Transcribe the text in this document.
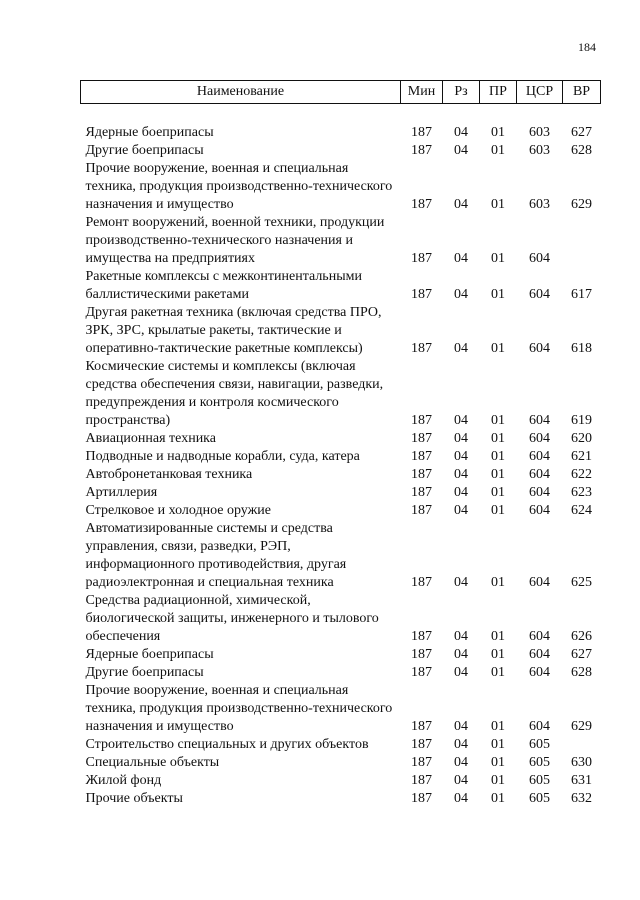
184
Наименование	Мин	Рз	ПР	ЦСР	ВР

Ядерные боеприпасы	187	04	01	603	627
Другие боеприпасы	187	04	01	603	628
Прочие вооружение, военная и специальная техника, продукция производственно-технического назначения и имущество	187	04	01	603	629
Ремонт вооружений, военной техники, продукции производственно-технического назначения и имущества на предприятиях	187	04	01	604	
Ракетные комплексы с межконтинентальными баллистическими ракетами	187	04	01	604	617
Другая ракетная техника (включая средства ПРО, ЗРК, ЗРС, крылатые ракеты, тактические и оперативно-тактические ракетные комплексы)	187	04	01	604	618
Космические системы и комплексы (включая средства обеспечения связи, навигации, разведки, предупреждения и контроля космического пространства)	187	04	01	604	619
Авиационная техника	187	04	01	604	620
Подводные и надводные корабли, суда, катера	187	04	01	604	621
Автобронетанковая техника	187	04	01	604	622
Артиллерия	187	04	01	604	623
Стрелковое и холодное оружие	187	04	01	604	624
Автоматизированные системы и средства управления, связи, разведки, РЭП, информационного противодействия, другая радиоэлектронная и специальная техника	187	04	01	604	625
Средства радиационной, химической, биологической защиты, инженерного и тылового обеспечения	187	04	01	604	626
Ядерные боеприпасы	187	04	01	604	627
Другие боеприпасы	187	04	01	604	628
Прочие вооружение, военная и специальная техника, продукция производственно-технического назначения и имущество	187	04	01	604	629
Строительство специальных и других объектов	187	04	01	605	
Специальные объекты	187	04	01	605	630
Жилой фонд	187	04	01	605	631
Прочие объекты	187	04	01	605	632
